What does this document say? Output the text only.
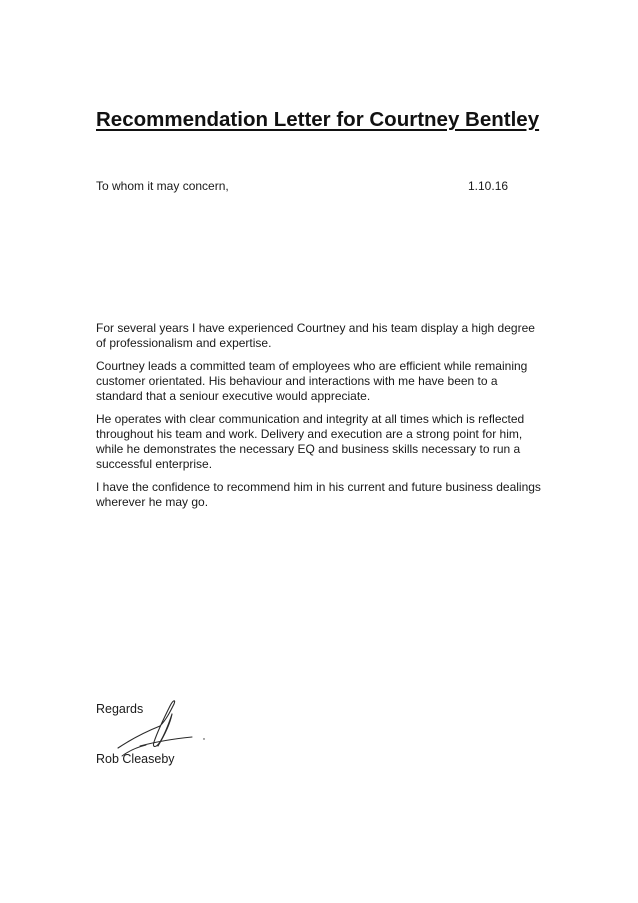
Recommendation Letter for Courtney Bentley
To whom it may concern,	1.10.16

For several years I have experienced Courtney and his team display a high degree of professionalism and expertise.

Courtney leads a committed team of employees who are efficient while remaining customer orientated. His behaviour and interactions with me have been to a standard that a seniour executive would appreciate.

He operates with clear communication and integrity at all times which is reflected throughout his team and work. Delivery and execution are a strong point for him, while he demonstrates the necessary EQ and business skills necessary to run a successful enterprise.

I have the confidence to recommend him in his current and future business dealings wherever he may go.

Regards
Rob Cleaseby
